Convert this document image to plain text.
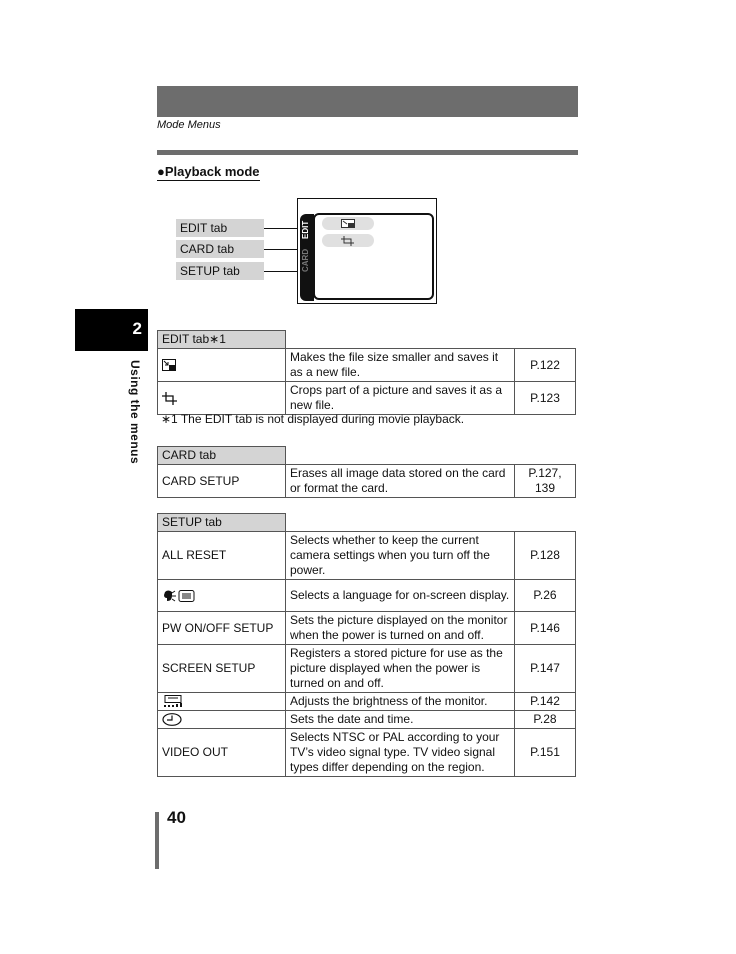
Mode Menus
●Playback mode
EDIT tab
CARD tab
SETUP tab
EDIT
CARD
2
Using the menus
EDIT tab∗1		
	Makes the file size smaller and saves it as a new file.	P.122
	Crops part of a picture and saves it as a new file.	P.123
∗1 The EDIT tab is not displayed during movie playback.
CARD tab		
CARD SETUP	Erases all image data stored on the card or format the card.	P.127, 139
SETUP tab		
ALL RESET	Selects whether to keep the current camera settings when you turn off the power.	P.128
	Selects a language for on-screen display.	P.26
PW ON/OFF SETUP	Sets the picture displayed on the monitor when the power is turned on and off.	P.146
SCREEN SETUP	Registers a stored picture for use as the picture displayed when the power is turned on and off.	P.147
	Adjusts the brightness of the monitor.	P.142
	Sets the date and time.	P.28
VIDEO OUT	Selects NTSC or PAL according to your TV’s video signal type. TV video signal types differ depending on the region.	P.151
40
